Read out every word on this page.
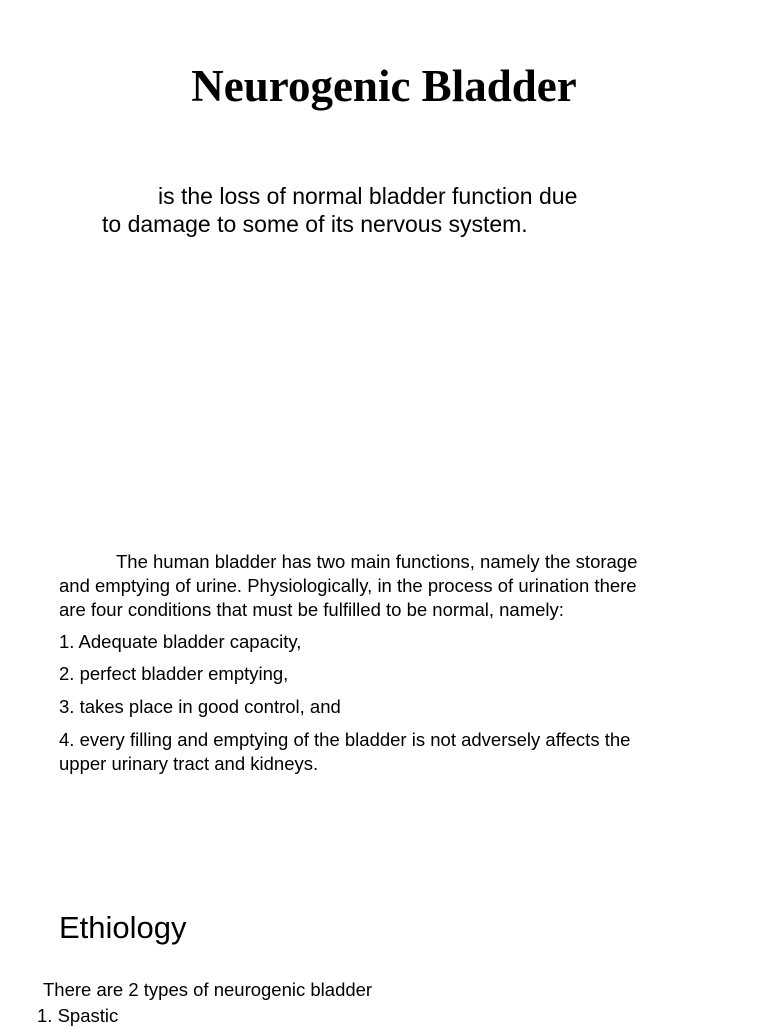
Neurogenic Bladder
is the loss of normal bladder function due
to damage to some of its nervous system.
The human bladder has two main functions, namely the storage
and emptying of urine. Physiologically, in the process of urination there
are four conditions that must be fulfilled to be normal, namely:
1. Adequate bladder capacity,
2. perfect bladder emptying,
3. takes place in good control, and
4. every filling and emptying of the bladder is not adversely affects the
upper urinary tract and kidneys.
Ethiology
There are 2 types of neurogenic bladder
1. Spastic
